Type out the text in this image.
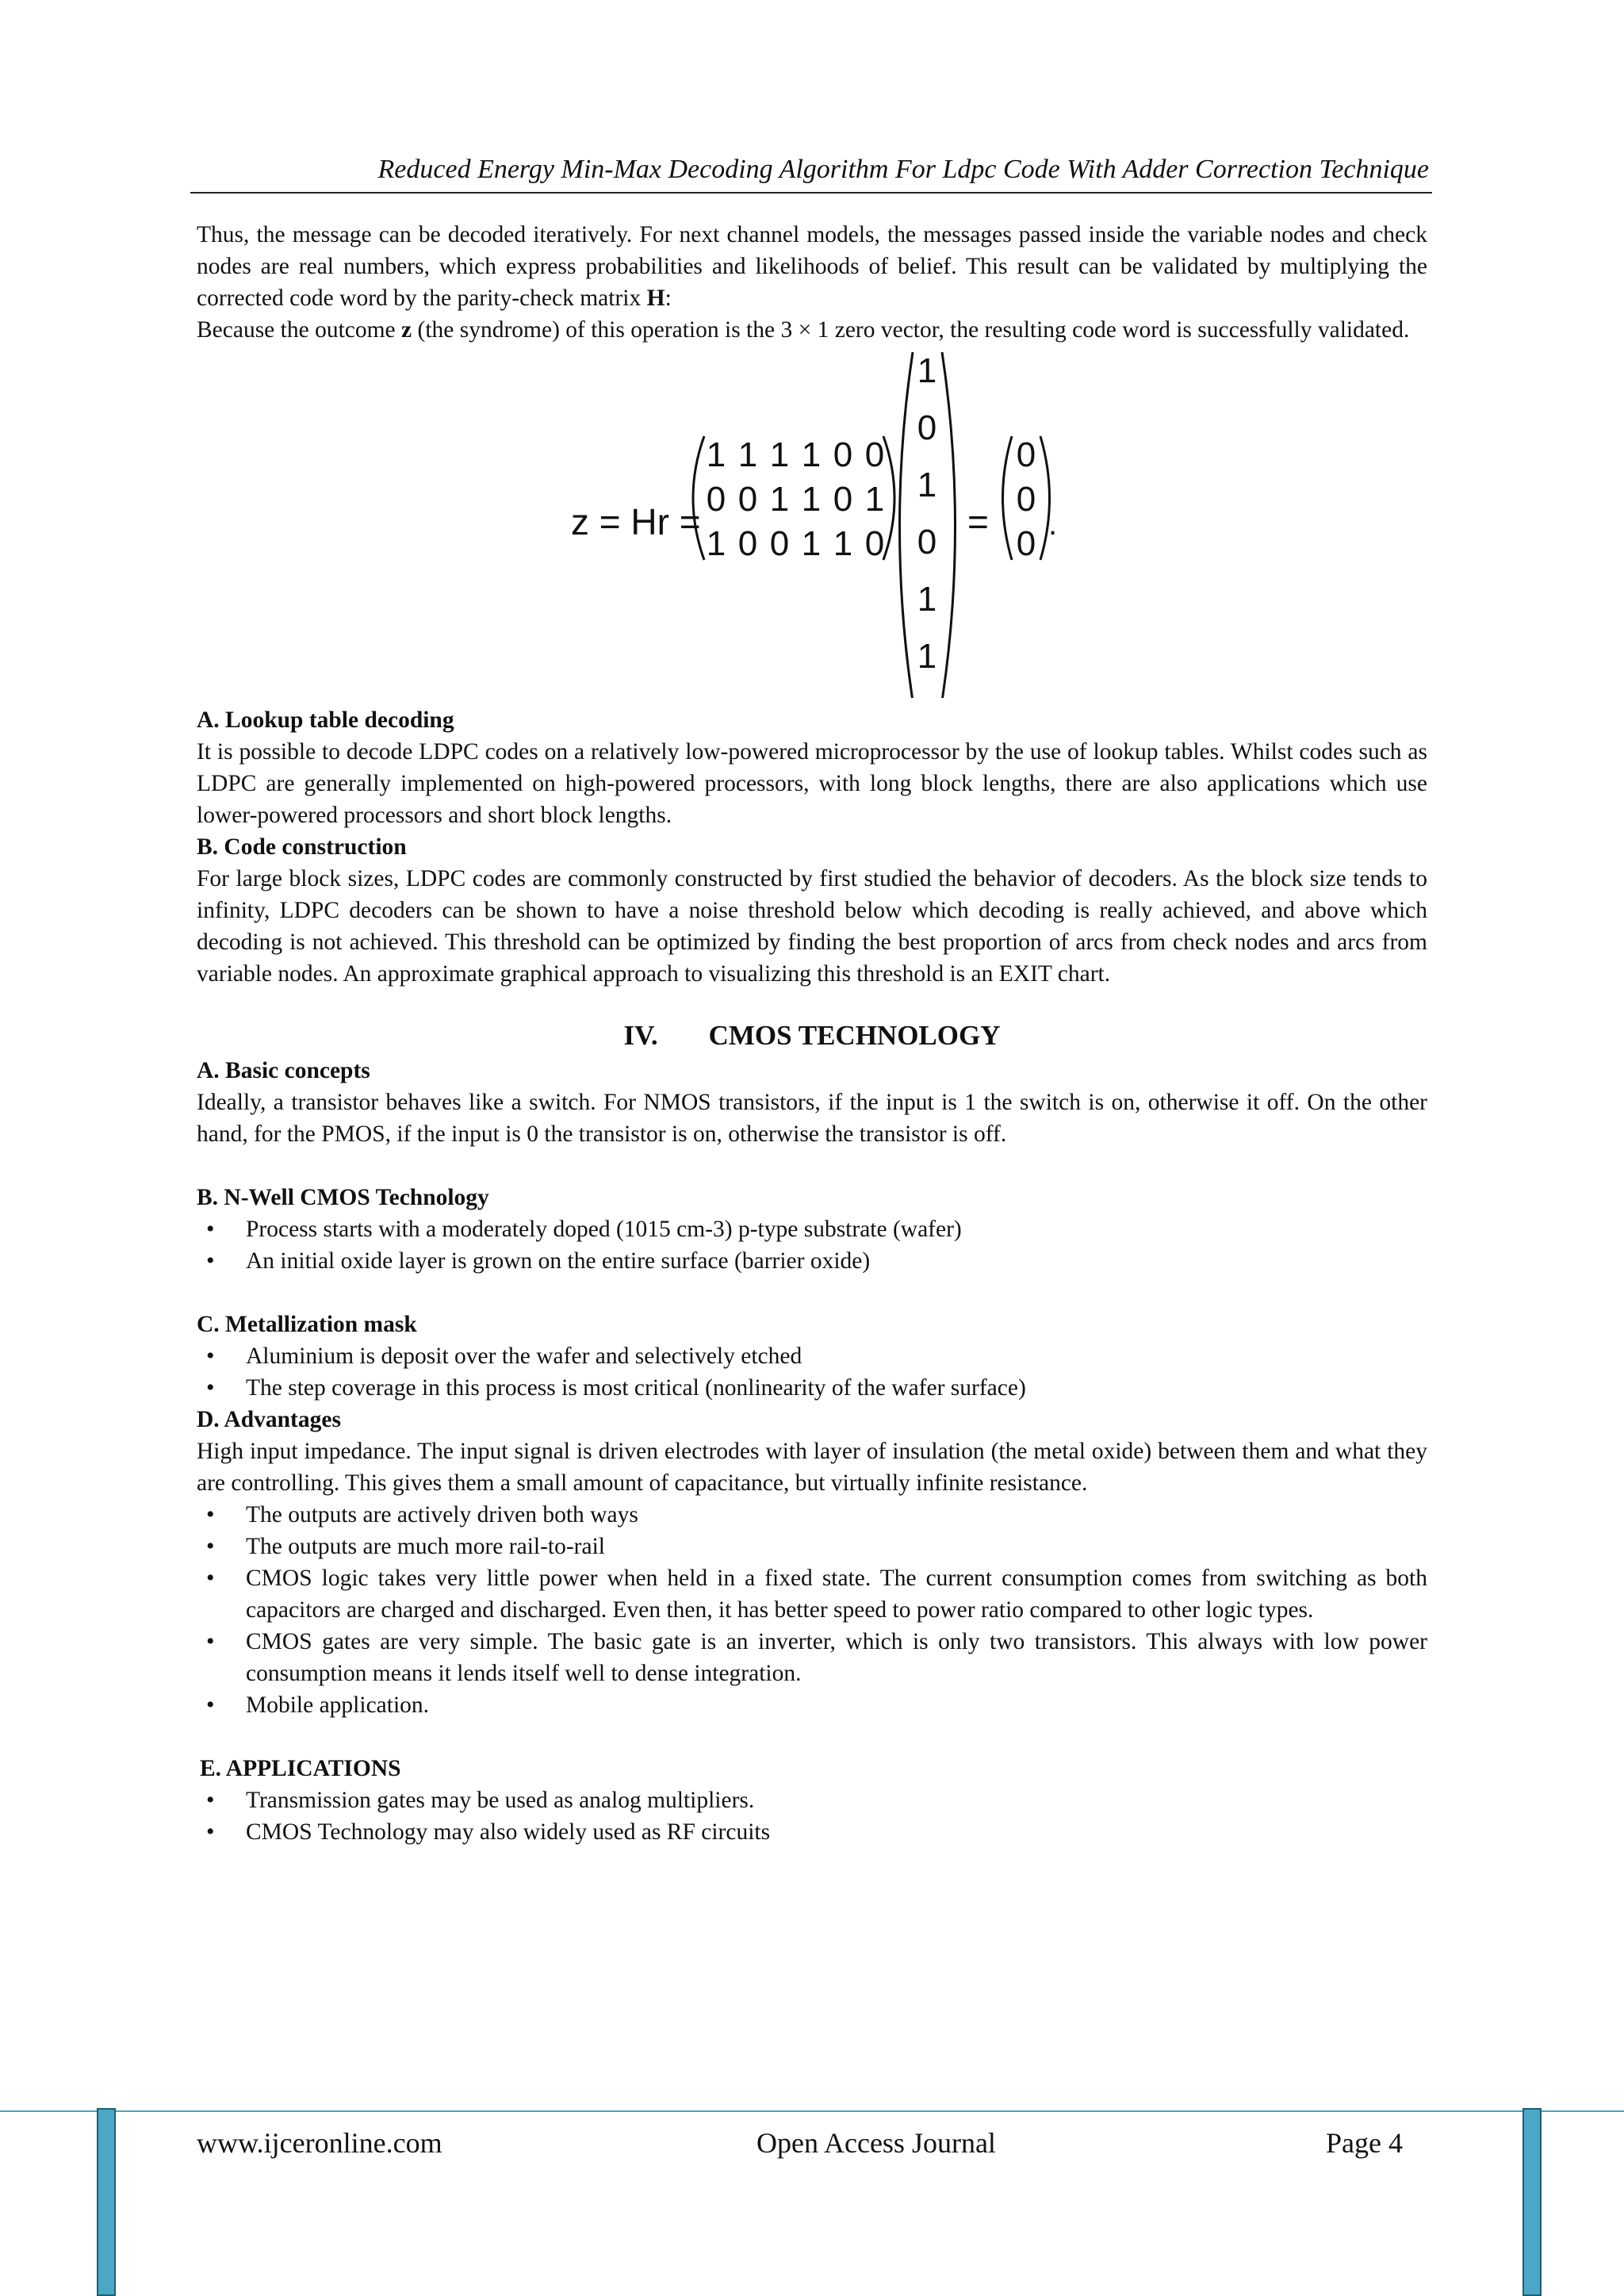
Reduced Energy Min-Max Decoding Algorithm For Ldpc Code With Adder Correction Technique

Thus, the message can be decoded iteratively. For next channel models, the messages passed inside the variable nodes and check nodes are real numbers, which express probabilities and likelihoods of belief. This result can be validated by multiplying the corrected code word by the parity-check matrix H:

Because the outcome z (the syndrome) of this operation is the 3 × 1 zero vector, the resulting code word is successfully validated.

z = Hr =
1 1 1 1 0 0
0 0 1 1 0 1
1 0 0 1 1 0
1
0
1
0
1
1
=
0
0
0 .
A. Lookup table decoding

It is possible to decode LDPC codes on a relatively low-powered microprocessor by the use of lookup tables. Whilst codes such as LDPC are generally implemented on high-powered processors, with long block lengths, there are also applications which use lower-powered processors and short block lengths.

B. Code construction

For large block sizes, LDPC codes are commonly constructed by first studied the behavior of decoders. As the block size tends to infinity, LDPC decoders can be shown to have a noise threshold below which decoding is really achieved, and above which decoding is not achieved. This threshold can be optimized by finding the best proportion of arcs from check nodes and arcs from variable nodes. An approximate graphical approach to visualizing this threshold is an EXIT chart.

IV. CMOS TECHNOLOGY
A. Basic concepts

Ideally, a transistor behaves like a switch. For NMOS transistors, if the input is 1 the switch is on, otherwise it off. On the other hand, for the PMOS, if the input is 0 the transistor is on, otherwise the transistor is off.

B. N-Well CMOS Technology
• Process starts with a moderately doped (1015 cm-3) p-type substrate (wafer)
• An initial oxide layer is grown on the entire surface (barrier oxide)
C. Metallization mask
• Aluminium is deposit over the wafer and selectively etched
• The step coverage in this process is most critical (nonlinearity of the wafer surface)
D. Advantages

High input impedance. The input signal is driven electrodes with layer of insulation (the metal oxide) between them and what they are controlling. This gives them a small amount of capacitance, but virtually infinite resistance.

• The outputs are actively driven both ways
• The outputs are much more rail-to-rail
• CMOS logic takes very little power when held in a fixed state. The current consumption comes from switching as both capacitors are charged and discharged. Even then, it has better speed to power ratio compared to other logic types.
• CMOS gates are very simple. The basic gate is an inverter, which is only two transistors. This always with low power consumption means it lends itself well to dense integration.
• Mobile application.
E. APPLICATIONS
• Transmission gates may be used as analog multipliers.
• CMOS Technology may also widely used as RF circuits
www.ijceronline.com	Open Access Journal	Page 4
